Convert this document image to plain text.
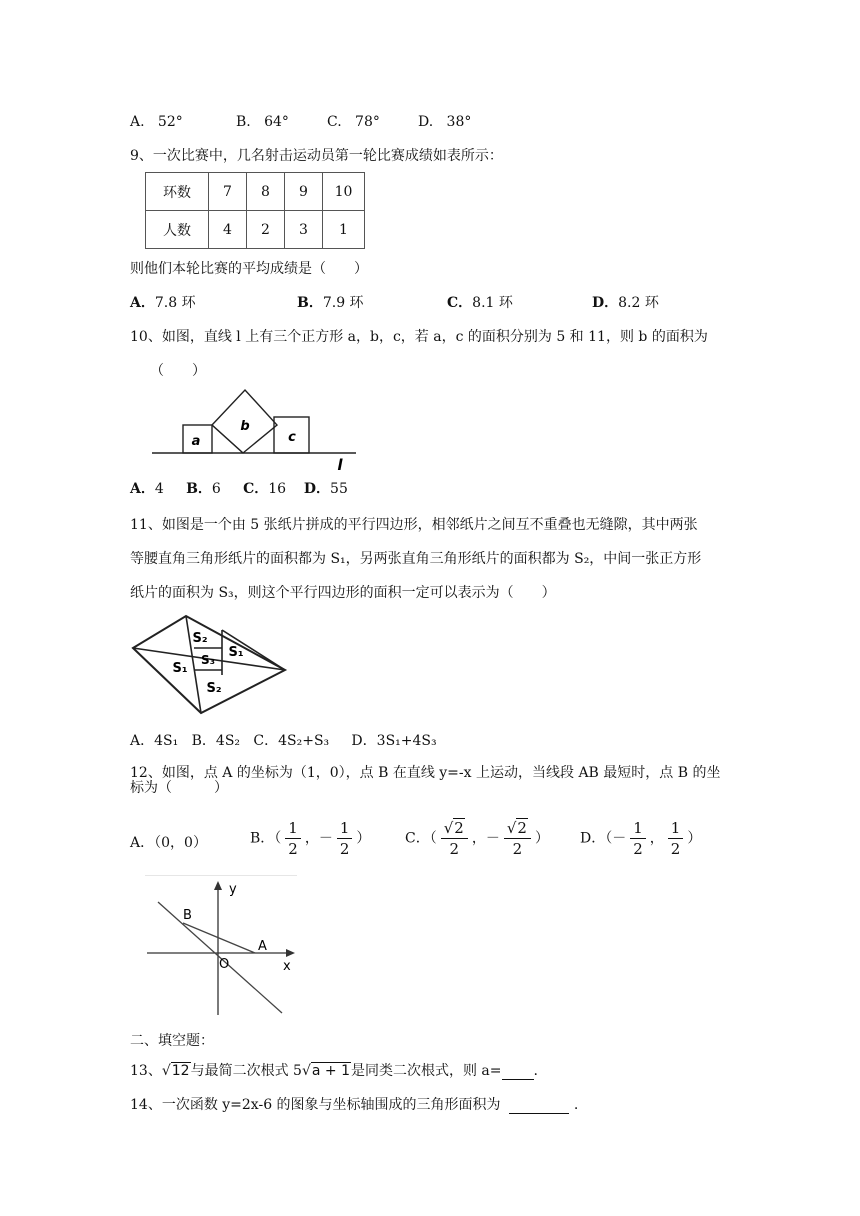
A. 52°	B. 64°	C. 78°	D. 38°
9、一次比赛中，几名射击运动员第一轮比赛成绩如表所示：
环数	7	8	9	10
人数	4	2	3	1
则他们本轮比赛的平均成绩是（　　）
A．7.8 环	B．7.9 环	C．8.1 环	D．8.2 环
10、如图，直线 l 上有三个正方形 a，b，c，若 a，c 的面积分别为 5 和 11，则 b 的面积为
（　　）
a
b
c
l
A．4 B．6 C．16 D．55
11、如图是一个由 5 张纸片拼成的平行四边形，相邻纸片之间互不重叠也无缝隙，其中两张
等腰直角三角形纸片的面积都为 S₁，另两张直角三角形纸片的面积都为 S₂，中间一张正方形
纸片的面积为 S₃，则这个平行四边形的面积一定可以表示为（　　）
S₂
S₁
S₃
S₁
S₂
A．4S₁ B．4S₂ C．4S₂+S₃ D．3S₁+4S₃
12、如图，点 A 的坐标为（1，0），点 B 在直线 y=-x 上运动，当线段 AB 最短时，点 B 的坐
标为（　　　）
A．（0，0）	B．（ $\frac{1}{2}$ ，－ $\frac{1}{2}$ ） C．（ $\frac{√2}{2}$ ，－ $\frac{√2}{2}$ ） D．（－ $\frac{1}{2}$ ， $\frac{1}{2}$ ）
y
x
O
A
B
二、填空题：
13、√12与最简二次根式 5√a + 1是同类二次根式，则 a= .
14、一次函数 y=2x-6 的图象与坐标轴围成的三角形面积为	.
